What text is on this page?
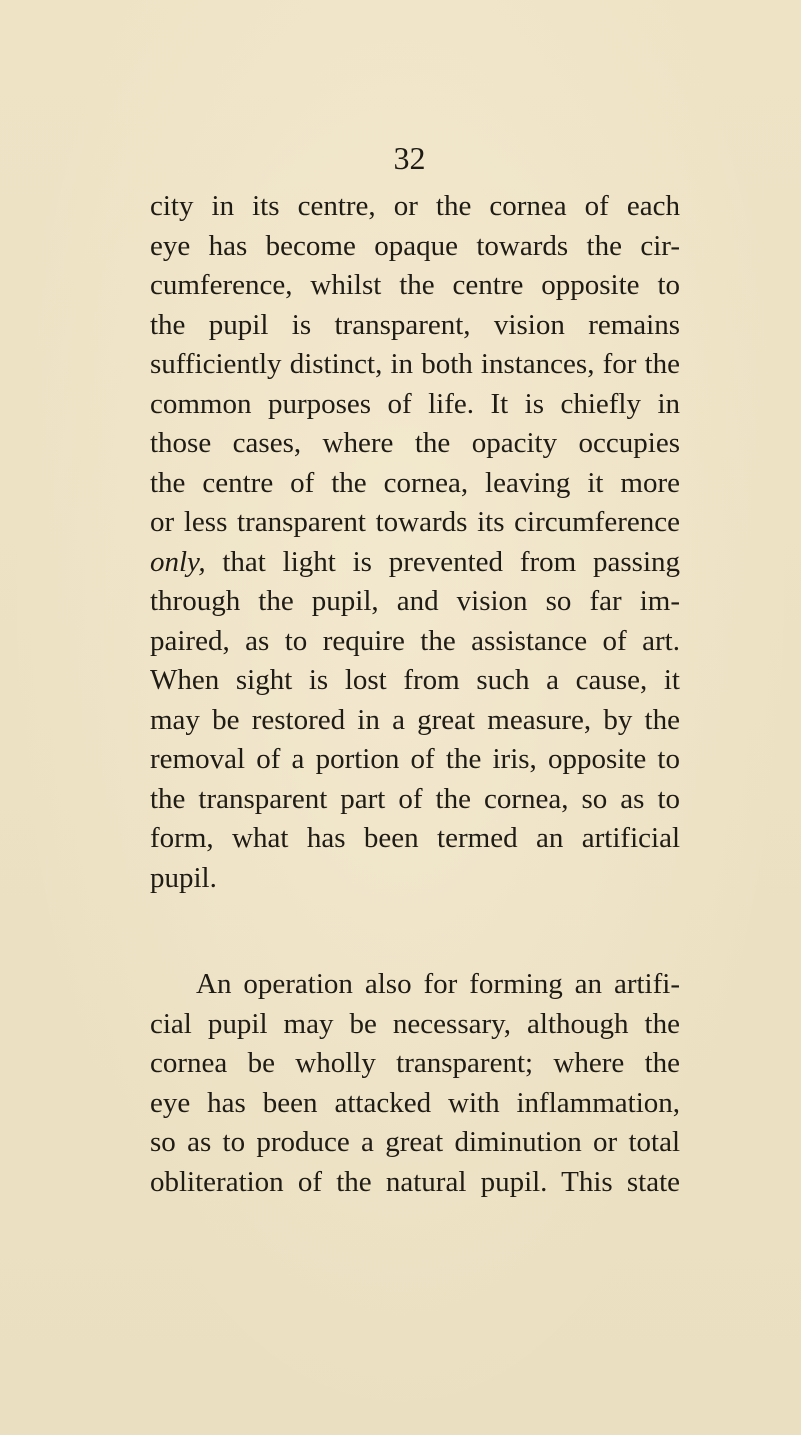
32
city in its centre, or the cornea of each
eye has become opaque towards the cir-
cumference, whilst the centre opposite to
the pupil is transparent, vision remains
sufficiently distinct, in both instances, for the
common purposes of life. It is chiefly in
those cases, where the opacity occupies
the centre of the cornea, leaving it more
or less transparent towards its circumference
only, that light is prevented from passing
through the pupil, and vision so far im-
paired, as to require the assistance of art.
When sight is lost from such a cause, it
may be restored in a great measure, by the
removal of a portion of the iris, opposite to
the transparent part of the cornea, so as to
form, what has been termed an artificial
pupil.
An operation also for forming an artifi-
cial pupil may be necessary, although the
cornea be wholly transparent; where the
eye has been attacked with inflammation,
so as to produce a great diminution or total
obliteration of the natural pupil. This state
